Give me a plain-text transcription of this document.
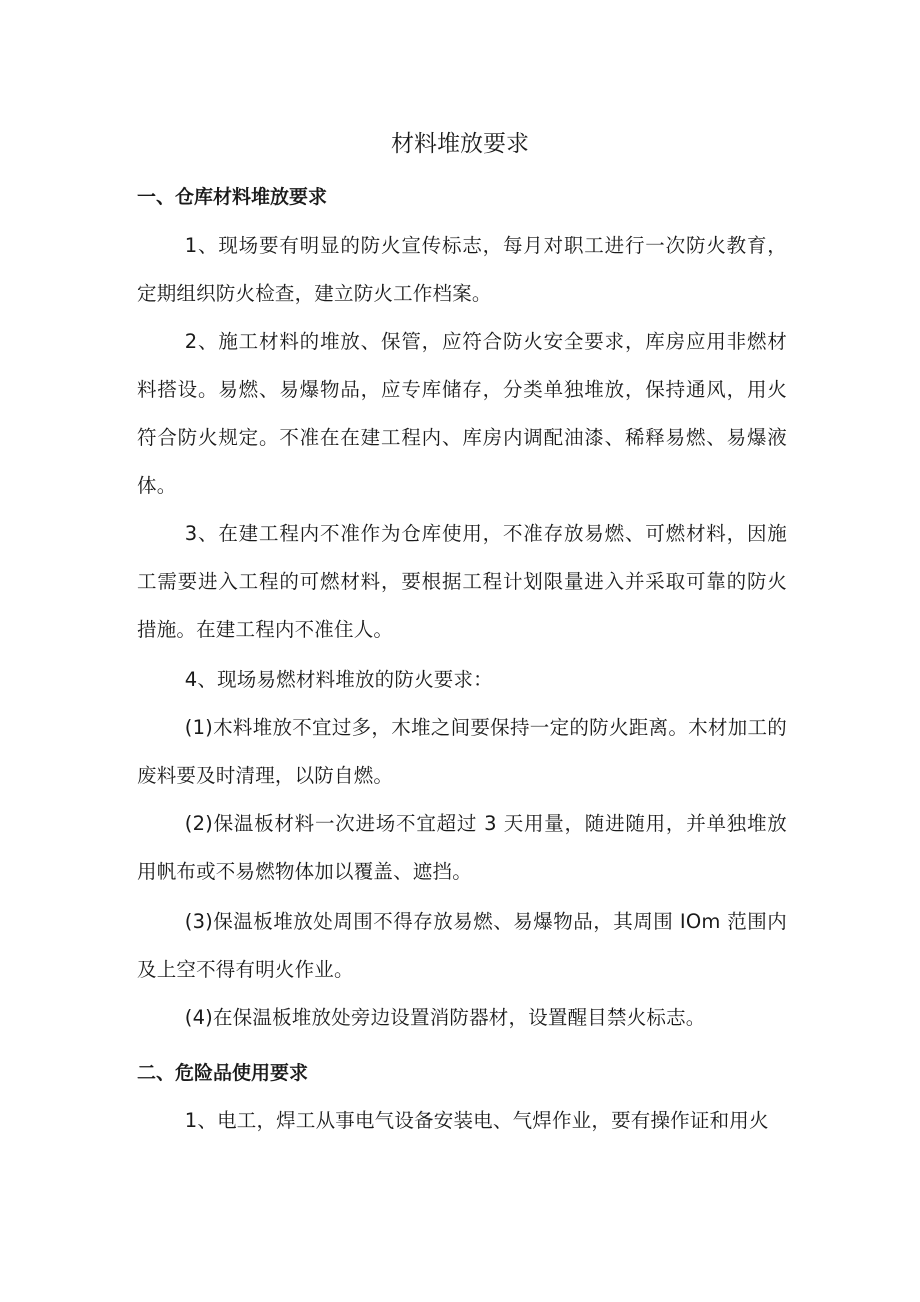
材料堆放要求
一、仓库材料堆放要求

1、现场要有明显的防火宣传标志，每月对职工进行一次防火教育，定期组织防火检查，建立防火工作档案。

2、施工材料的堆放、保管，应符合防火安全要求，库房应用非燃材料搭设。易燃、易爆物品，应专库储存，分类单独堆放，保持通风，用火符合防火规定。不准在在建工程内、库房内调配油漆、稀释易燃、易爆液体。

3、在建工程内不准作为仓库使用，不准存放易燃、可燃材料，因施工需要进入工程的可燃材料，要根据工程计划限量进入并采取可靠的防火措施。在建工程内不准住人。

4、现场易燃材料堆放的防火要求：

(1)木料堆放不宜过多，木堆之间要保持一定的防火距离。木材加工的废料要及时清理，以防自燃。

(2)保温板材料一次进场不宜超过 3 天用量，随进随用，并单独堆放用帆布或不易燃物体加以覆盖、遮挡。

(3)保温板堆放处周围不得存放易燃、易爆物品，其周围 IOm 范围内及上空不得有明火作业。

(4)在保温板堆放处旁边设置消防器材，设置醒目禁火标志。

二、危险品使用要求

1、电工，焊工从事电气设备安装电、气焊作业，要有操作证和用火
